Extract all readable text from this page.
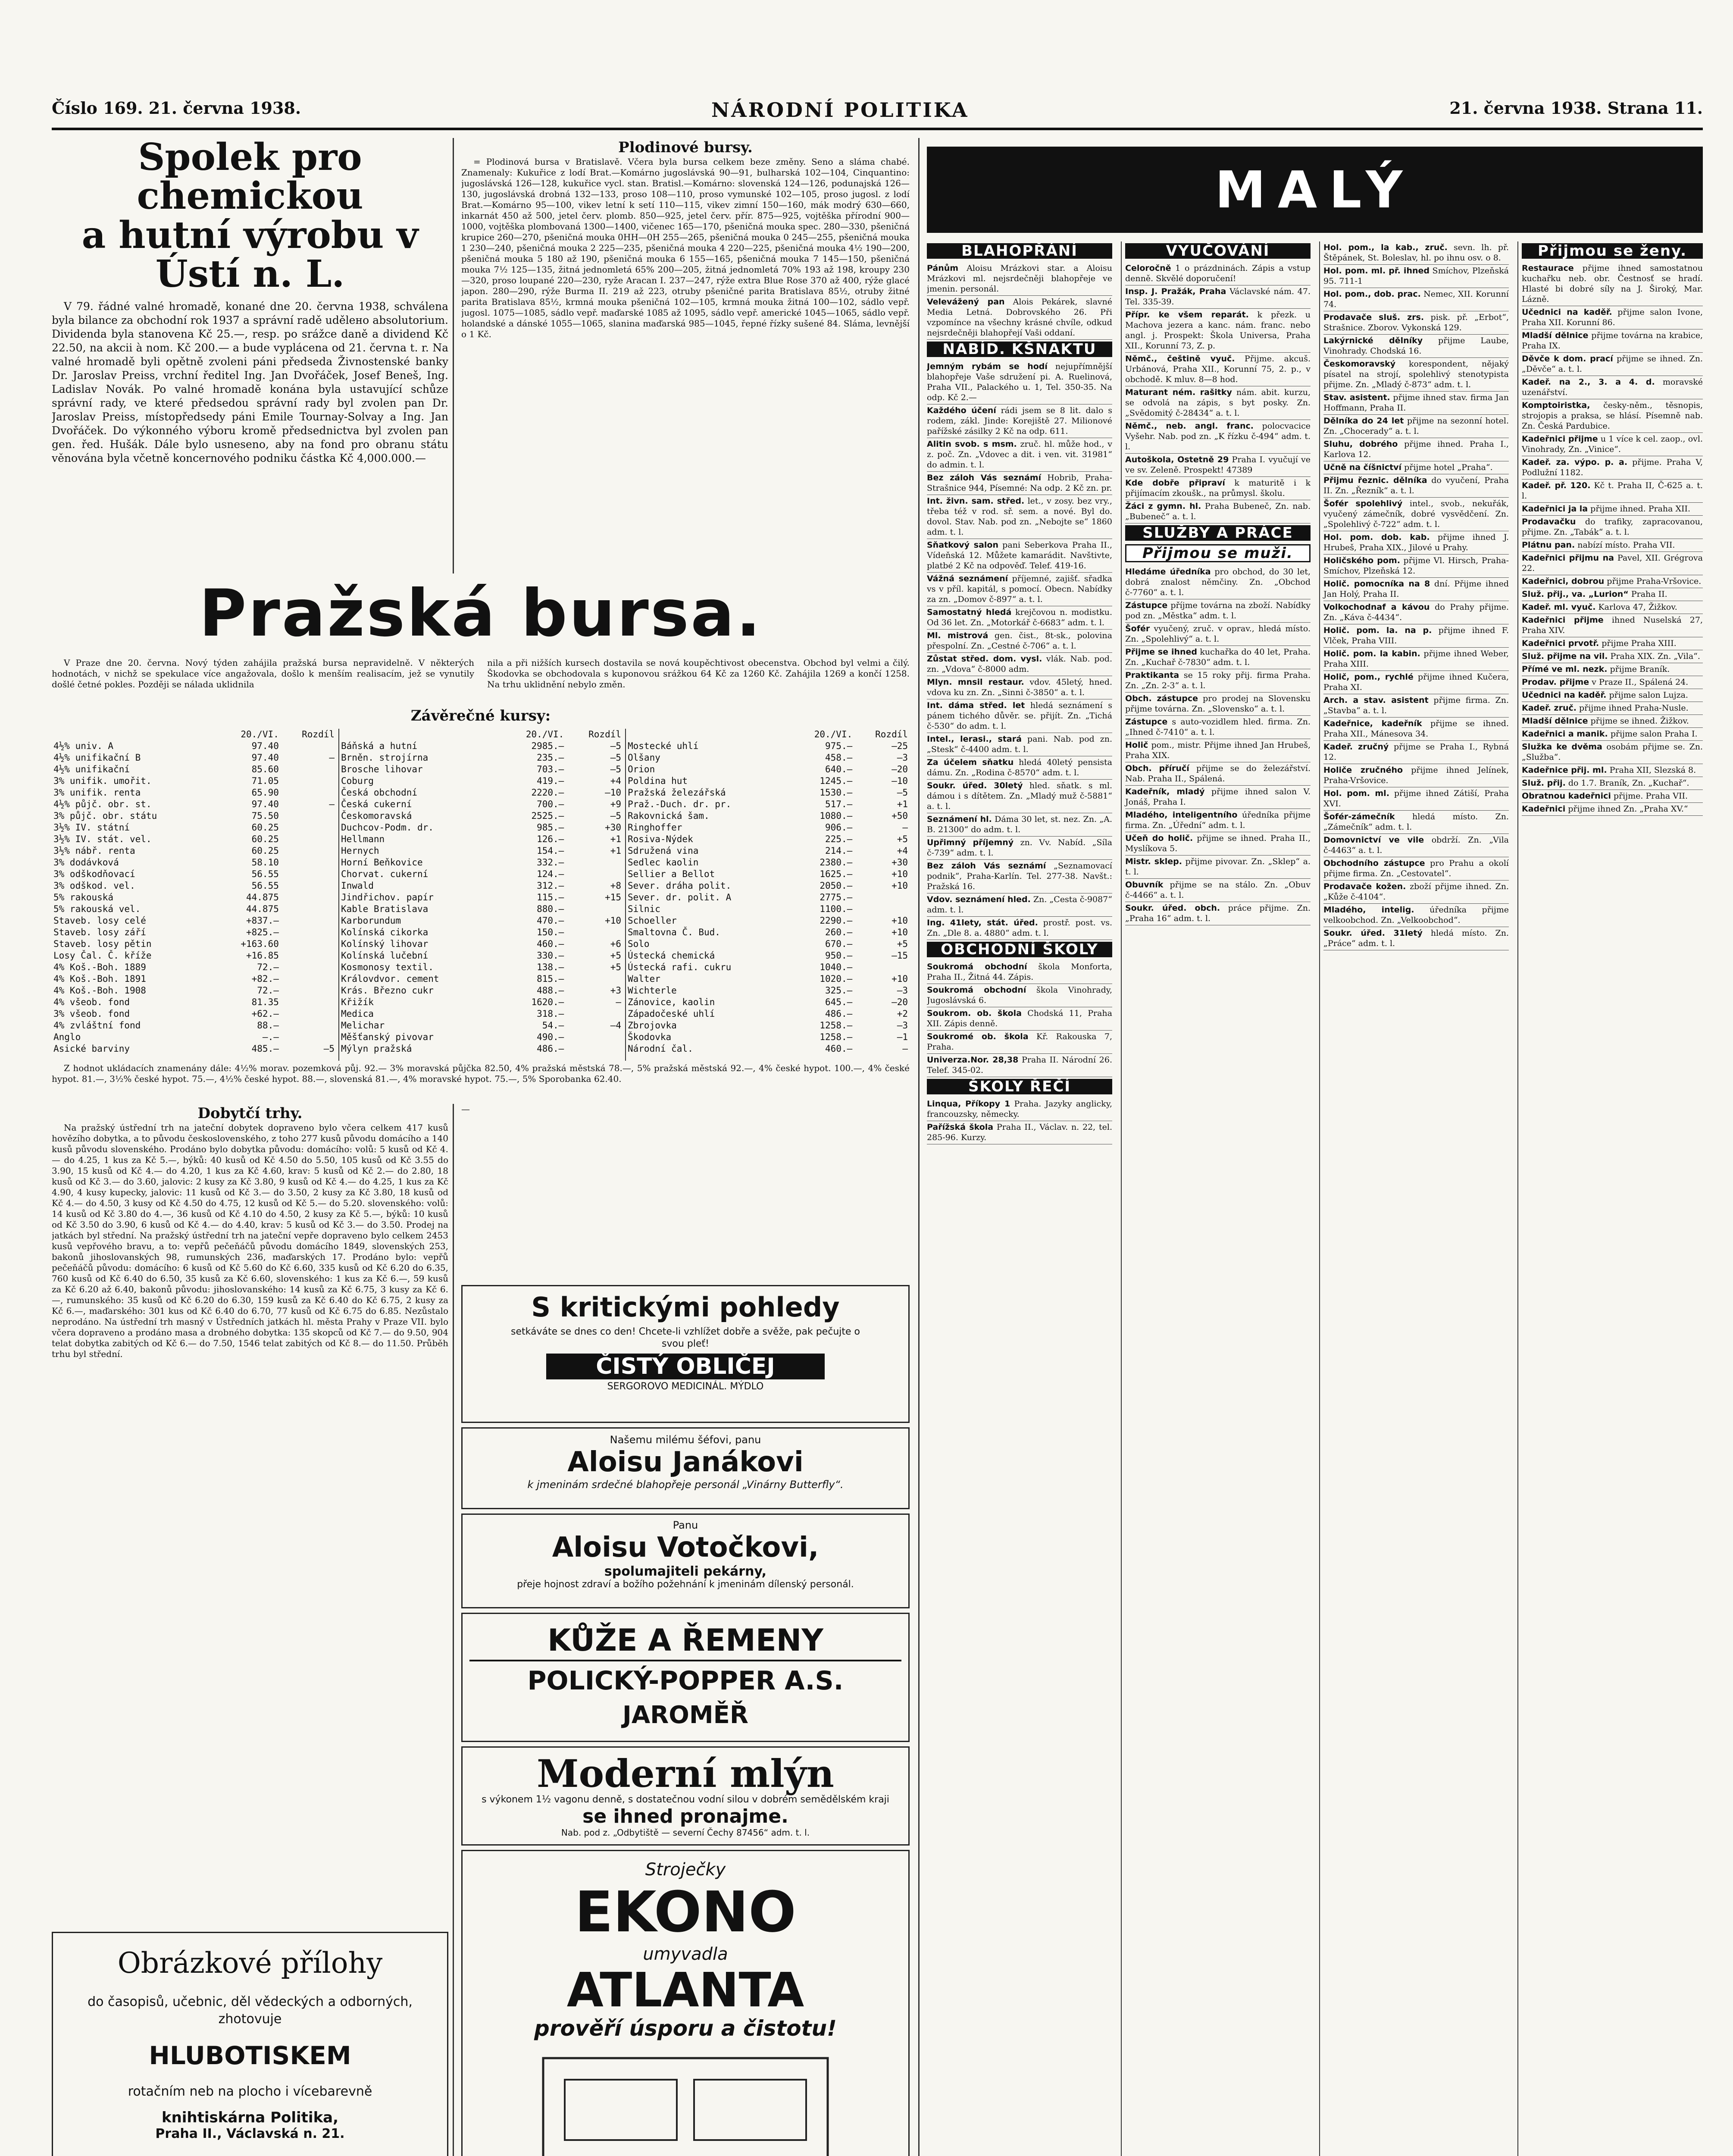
Číslo 169. 21. června 1938.	NÁRODNÍ POLITIKA	21. června 1938. Strana 11.
Spolek pro chemickou
a hutní výrobu v Ústí n. L.

V 79. řádné valné hromadě, konané dne 20. června 1938, schválena byla bilance za obchodní rok 1937 a správní radě udělено absolutorium. Dividenda byla stanovena Kč 25.—, resp. po srážce daně a dividend Kč 22.50, na akcii à nom. Kč 200.— a bude vyplácena od 21. června t. r. Na valné hromadě byli opětně zvoleni páni předseda Živnostenské banky Dr. Jaroslav Preiss, vrchní ředitel Ing. Jan Dvořáček, Josef Beneš, Ing. Ladislav Novák. Po valné hromadě konána byla ustavující schůze správní rady, ve které předsedou správní rady byl zvolen pan Dr. Jaroslav Preiss, místopředsedy páni Emile Tournay-Solvay a Ing. Jan Dvořáček. Do výkonného výboru kromě předsednictva byl zvolen pan gen. řed. Hušák. Dále bylo usneseno, aby na fond pro obranu státu věnována byla včetně koncernového podniku částka Kč 4,000.000.—

Plodinové bursy.

= Plodinová bursa v Bratislavě. Včera byla bursa celkem beze změny. Seno a sláma chabé. Znamenaly: Kukuřice z lodí Brat.—Komárno jugoslávská 90—91, bulharská 102—104, Cinquantino: jugoslávská 126—128, kukuřice vycl. stan. Bratisl.—Komárno: slovenská 124—126, podunajská 126—130, jugoslávská drobná 132—133, proso 108—110, proso vymunské 102—105, proso jugosl. z lodí Brat.—Komárno 95—100, vikev letní k setí 110—115, vikev zimní 150—160, mák modrý 630—660, inkarnát 450 až 500, jetel červ. plomb. 850—925, jetel červ. přír. 875—925, vojtěška přírodní 900—1000, vojtěška plombovaná 1300—1400, vičenec 165—170, pšeničná mouka spec. 280—330, pšeničná krupice 260—270, pšeničná mouka 0HH—0H 255—265, pšeničná mouka 0 245—255, pšeničná mouka 1 230—240, pšeničná mouka 2 225—235, pšeničná mouka 4 220—225, pšeničná mouka 4½ 190—200, pšeničná mouka 5 180 až 190, pšeničná mouka 6 155—165, pšeničná mouka 7 145—150, pšeničná mouka 7½ 125—135, žitná jednomletá 65% 200—205, žitná jednomletá 70% 193 až 198, kroupy 230—320, proso loupané 220—230, ryže Aracan I. 237—247, rýže extra Blue Rose 370 až 400, rýže glacé japon. 280—290, rýže Burma II. 219 až 223, otruby pšeničné parita Bratislava 85½, otruby žitné parita Bratislava 85½, krmná mouka pšeničná 102—105, krmná mouka žitná 100—102, sádlo vepř. jugosl. 1075—1085, sádlo vepř. maďarské 1085 až 1095, sádlo vepř. americké 1045—1065, sádlo vepř. holandské a dánské 1055—1065, slanina maďarská 985—1045, řepné řízky sušené 84. Sláma, levnější o 1 Kč.

Pražská bursa.

V Praze dne 20. června. Nový týden zahájila pražská bursa nepravidelně. V některých hodnotách, v nichž se spekulace více angažovala, došlo k menším realisacím, jež se vynutily došlé četné pokles. Později se nálada uklidnila

nila a při nižších kursech dostavila se nová koupěchtivost obecenstva. Obchod byl velmi a čilý. Škodovka se obchodovala s kuponovou srážkou 64 Kč za 1260 Kč. Zahájila 1269 a končí 1258. Na trhu uklidnění nebylo změn.

Závěrečné kursy:
	20./VI.	Rozdíl
4½% univ. A	97.40	
4½% unifikační B	97.40	—
4½% unifikační	85.60	
3% unifik. umořit.	71.05	
3% unifik. renta	65.90	
4½% půjč. obr. st.	97.40	—
3% půjč. obr. státu	75.50	
3½% IV. státní	60.25	
3½% IV. stát. vel.	60.25	
3½% nábř. renta	60.25	
3% dodávková	58.10	
3% odškodňovací	56.55	
3% odškod. vel.	56.55	
5% rakouská	44.875	
5% rakouská vel.	44.875	
Staveb. losy celé	+837.—	
Staveb. losy září	+825.—	
Staveb. losy pětin	+163.60	
Losy Čal. Č. kříže	+16.85	
4% Koš.-Boh. 1889	72.—	
4% Koš.-Boh. 1891	+82.—	
4% Koš.-Boh. 1908	72.—	
4% všeob. fond	81.35	
3% všeob. fond	+62.—	
4% zvláštní fond	88.—	
Anglo	—.—	
Asické barviny	485.—	—5
	20./VI.	Rozdíl
Báňská a hutní	2985.—	—5
Brněn. strojírna	235.—	—5
Brosche lihovar	703.—	—5
Coburg	419.—	+4
Česká obchodní	2220.—	—10
Česká cukerní	700.—	+9
Českomoravská	2525.—	—5
Duchcov-Podm. dr.	985.—	+30
Hellmann	126.—	+1
Hernych	154.—	+1
Horní Beňkovice	332.—	
Chorvat. cukerní	124.—	
Inwald	312.—	+8
Jindřichov. papír	115.—	+15
Kable Bratislava	880.—	
Karborundum	470.—	+10
Kolínská cikorka	150.—	
Kolínský lihovar	460.—	+6
Kolínská lučební	330.—	+5
Kosmonosy textil.	138.—	+5
Královdvor. cement	815.—	
Krás. Březno cukr	488.—	+3
Křižík	1620.—	—
Medica	318.—	
Melichar	54.—	—4
Měšťanský pivovar	490.—	
Mýlyn pražská	486.—	
	20./VI.	Rozdíl
Mostecké uhlí	975.—	—25
Olšany	458.—	—3
Orion	640.—	—20
Poldina hut	1245.—	—10
Pražská železářská	1530.—	—5
Praž.-Duch. dr. pr.	517.—	+1
Rakovnická šam.	1080.—	+50
Ringhoffer	906.—	—
Rosiva-Nýdek	225.—	+5
Sdružená vina	214.—	+4
Sedlec kaolin	2380.—	+30
Sellier a Bellot	1625.—	+10
Sever. dráha polit.	2050.—	+10
Sever. dr. polit. A	2775.—	
Silnic	1100.—	
Schoeller	2290.—	+10
Smaltovna Č. Bud.	260.—	+10
Solo	670.—	+5
Ústecká chemická	950.—	—15
Ústecká rafi. cukru	1040.—	
Walter	1020.—	+10
Wichterle	325.—	—3
Zánovice, kaolin	645.—	—20
Západočeské uhlí	486.—	+2
Zbrojovka	1258.—	—3
Škodovka	1258.—	—1
Národní čal.	460.—	—

Z hodnot ukládacích znamenány dále: 4½% morav. pozemková půj. 92.— 3% moravská půjčka 82.50, 4% pražská městská 78.—, 5% pražská městská 92.—, 4% české hypot. 100.—, 4% české hypot. 81.—, 3½% české hypot. 75.—, 4½% české hypot. 88.—, slovenská 81.—, 4% moravské hypot. 75.—, 5% Sporobanka 62.40.

Dobytčí trhy.

Na pražský ústřední trh na jateční dobytek dopraveno bylo včera celkem 417 kusů hovězího dobytka, a to původu československého, z toho 277 kusů původu domácího a 140 kusů původu slovenského. Prodáno bylo dobytka původu: domácího: volů: 5 kusů od Kč 4.— do 4.25, 1 kus za Kč 5.—, býků: 40 kusů od Kč 4.50 do 5.50, 105 kusů od Kč 3.55 do 3.90, 15 kusů od Kč 4.— do 4.20, 1 kus za Kč 4.60, krav: 5 kusů od Kč 2.— do 2.80, 18 kusů od Kč 3.— do 3.60, jalovic: 2 kusy za Kč 3.80, 9 kusů od Kč 4.— do 4.25, 1 kus za Kč 4.90, 4 kusy kupecky, jalovic: 11 kusů od Kč 3.— do 3.50, 2 kusy za Kč 3.80, 18 kusů od Kč 4.— do 4.50, 3 kusy od Kč 4.50 do 4.75, 12 kusů od Kč 5.— do 5.20. slovenského: volů: 14 kusů od Kč 3.80 do 4.—, 36 kusů od Kč 4.10 do 4.50, 2 kusy za Kč 5.—, býků: 10 kusů od Kč 3.50 do 3.90, 6 kusů od Kč 4.— do 4.40, krav: 5 kusů od Kč 3.— do 3.50. Prodej na jatkách byl střední. Na pražský ústřední trh na jateční vepře dopraveno bylo celkem 2453 kusů vepřového bravu, a to: vepřů pečeňáčů původu domácího 1849, slovenských 253, bakonů jihoslovanských 98, rumunských 236, maďarských 17. Prodáno bylo: vepřů pečeňáčů původu: domácího: 6 kusů od Kč 5.60 do Kč 6.60, 335 kusů od Kč 6.20 do 6.35, 760 kusů od Kč 6.40 do 6.50, 35 kusů za Kč 6.60, slovenského: 1 kus za Kč 6.—, 59 kusů za Kč 6.20 až 6.40, bakonů původu: jihoslovanského: 14 kusů za Kč 6.75, 3 kusy za Kč 6.—, rumunského: 35 kusů od Kč 6.20 do 6.30, 159 kusů za Kč 6.40 do Kč 6.75, 2 kusy za Kč 6.—, maďarského: 301 kus od Kč 6.40 do 6.70, 77 kusů od Kč 6.75 do 6.85. Nezůstalo neprodáno. Na ústřední trh masný v Ústředních jatkách hl. města Prahy v Praze VII. bylo včera dopraveno a prodáno masa a drobného dobytka: 135 skopců od Kč 7.— do 9.50, 904 telat dobytka zabitých od Kč 6.— do 7.50, 1546 telat zabitých od Kč 8.— do 11.50. Průběh trhu byl střední.

Obrázkové přílohy
do časopisů, učebnic, děl vědeckých a odborných, zhotovuje
HLUBOTISKEM
rotačním neb na plocho i vícebarevně
knihtiskárna Politika,
Praha II., Václavská n. 21.
Stroječky
EKONO
umyvadla
ATLANTA
prověří úsporu a čistotu!
S kritickými pohledy
setkáváte se dnes co den! Chcete-li vzhlížet dobře a svěže, pak pečujte o svou pleť!
ČISTÝ OBLIČEJ
SERGOROVO MEDICINÁL. MÝDLO
Našemu milému šéfovi, panu
Aloisu Janákovi
k jmeninám srdečné blahopřeje personál „Vinárny Butterfly“.
Panu
Aloisu Votočkovi,
spolumajiteli pekárny,
přeje hojnost zdraví a božího požehnání k jmeninám dílenský personál.
KŮŽE A ŘEMENY
POLICKÝ-POPPER A.S.
JAROMĚŘ
Moderní mlýn
s výkonem 1½ vagonu denně, s dostatečnou vodní silou v dobrém semědělském kraji
se ihned pronajme.
Nab. pod z. „Odbytiště — severní Čechy 87456“ adm. t. l.

—

MALÝ
BLAHOPŘÁNÍ
Pánům Aloisu Mrázkovi star. a Aloisu Mrázkovi ml. nejsrdečněji blahopřeje ve jmenin. personál.
Velevážený pan Alois Pekárek, slavné Media Letná. Dobrovského 26. Při vzpomínce na všechny krásné chvíle, odkud nejsrdečněji blahopřejí Vaši oddaní.
NABÍD. KŠNAKTU
Jemným rybám se hodí nejupřímnější blahopřeje Vaše sdružení pi. A. Ruelinová, Praha VII., Palackého u. 1, Tel. 350-35. Na odp. Kč 2.—
Každého účení rádi jsem se 8 lit. dalo s rodem, zákl. Jinde: Korejiště 27. Milionové pařížské zásilky 2 Kč na odp. 611.
Alitin svob. s msm. zruč. hl. může hod., v z. poč. Zn. „Vdovec a dit. i ven. vit. 31981“ do admin. t. l.
Bez záloh Vás seznámí Hobrib, Praha-Strašnice 944, Písemné: Na odp. 2 Kč zn. pr.
Int. živn. sam. střed. let., v zosy. bez vry., třeba též v rod. sř. sem. a nové. Byl do. dovol. Stav. Nab. pod zn. „Nebojte se“ 1860 adm. t. l.
Sňatkový salon pani Seberkova Praha II., Vídeňská 12. Můžete kamarádit. Navštivte, platbé 2 Kč na odpověď. Telef. 419-16.
Vážná seznámení příjemné, zajišť. sřadka vs v příl. kapitál, s pomocí. Obecn. Nabídky za zn. „Domov č-897“ a. t. l.
Samostatný hledá krejčovou n. modistku. Od 36 let. Zn. „Motorkář č-6683“ adm. t. l.
Ml. mistrová gen. čist., 8t-sk., polovina přespolní. Zn. „Cestné č-706“ a. t. l.
Zůstat střed. dom. vysl. vlák. Nab. pod. zn. „Vdova“ č-8000 adm.
Mlyn. mnsil restaur. vdov. 45letý, hned. vdova ku zn. Zn. „Sinni č-3850“ a. t. l.
Int. dáma střed. let hledá seznámení s pánem tichého důvěr. se. přijít. Zn. „Tichá č-530“ do adm. t. l.
Intel., lerasi., stará pani. Nab. pod zn. „Stesk“ č-4400 adm. t. l.
Za účelem sňatku hledá 40letý pensista dámu. Zn. „Rodina č-8570“ adm. t. l.
Soukr. úřed. 30letý hled. sňatk. s ml. dámou i s dítětem. Zn. „Mladý muž č-5881“ a. t. l.
Seznámení hl. Dáma 30 let, st. nez. Zn. „A. B. 21300“ do adm. t. l.
Upřimný příjemný zn. Vv. Nabíd. „Síla č-739“ adm. t. l.
Bez záloh Vás seznámí „Seznamovací podnik“, Praha-Karlín. Tel. 277-38. Navšt.: Pražská 16.
Vdov. seznámení hled. Zn. „Cesta č-9087“ adm. t. l.
Ing. 41lety, stát. úřed. prostř. post. vs. Zn. „Dle 8. a. 4880“ adm. t. l.
OBCHODNÍ ŠKOLY
Soukromá obchodní škola Monforta, Praha II., Žitná 44. Zápis.
Soukromá obchodní škola Vinohrady, Jugoslávská 6.
Soukrom. ob. škola Chodská 11, Praha XII. Zápis denně.
Soukromé ob. škola Kř. Rakouska 7, Praha.
Univerza.Nor. 28,38 Praha II. Národní 26. Telef. 345-02.
ŠKOLY ŘEČÍ
Linqua, Příkopy 1 Praha. Jazyky anglicky, francouzsky, německy.
Pařížská škola Praha II., Václav. n. 22, tel. 285-96. Kurzy.
VYUČOVÁNÍ
Celoročně 1 o prázdninách. Zápis a vstup denně. Skvělé doporučení!
Insp. J. Pražák, Praha Václavské nám. 47. Tel. 335-39.
Přípr. ke všem reparát. k přezk. u Machova jezera a kanc. nám. franc. nebo angl. j. Prospekt: Škola Universa, Praha XII., Korunní 73, Z. p.
Němč., češtině vyuč. Přijme. akcuš. Urbánová, Praha XII., Korunní 75, 2. p., v obchodě. K mluv. 8—8 hod.
Maturant ném. rašitky nám. abit. kurzu, se odvolá na zápis, s byt posky. Zn. „Svědomitý č-28434“ a. t. l.
Němč., neb. angl. franc. polocvacice Vyšehr. Nab. pod zn. „K řízku č-494“ adm. t. l.
Autoškola, Ostetně 29 Praha I. vyučují ve ve sv. Zeleně. Prospekt! 47389
Kde dobře připraví k maturitě i k přijímacím zkoušk., na průmysl. školu.
Žáci z gymn. hl. Praha Bubeneč, Zn. nab. „Bubeneč“ a. t. l.
SLUŽBY A PRÁCE
Přijmou se muži.
Hledáme úředníka pro obchod, do 30 let, dobrá znalost němčiny. Zn. „Obchod č-7760“ a. t. l.
Zástupce příjme továrna na zboží. Nabídky pod zn. „Městka“ adm. t. l.
Šofér vyučený, zruč. v oprav., hledá místo. Zn. „Spolehlivý“ a. t. l.
Přijme se ihned kuchařka do 40 let, Praha. Zn. „Kuchař č-7830“ adm. t. l.
Praktikanta se 15 roky přij. firma Praha. Zn. „Zn. 2-3“ a. t. l.
Obch. zástupce pro prodej na Slovensku přijme továrna. Zn. „Slovensko“ a. t. l.
Zástupce s auto-vozidlem hled. firma. Zn. „Ihned č-7410“ a. t. l.
Holič pom., mistr. Přijme ihned Jan Hrubeš, Praha XIX.
Obch. příručí přijme se do železářství. Nab. Praha II., Spálená.
Kadeřník, mladý přijme ihned salon V. Jonáš, Praha I.
Mladého, inteligentního úředníka přijme firma. Zn. „Úřední“ adm. t. l.
Učeň do holič. přijme se ihned. Praha II., Myslíkova 5.
Mistr. sklep. přijme pivovar. Zn. „Sklep“ a. t. l.
Obuvník přijme se na stálo. Zn. „Obuv č-4466“ a. t. l.
Soukr. úřed. obch. práce přijme. Zn. „Praha 16“ adm. t. l.
Hol. pom., la kab., zruč. sevn. lh. př. Štěpánek, St. Boleslav, hl. po ihnu osv. o 8.
Hol. pom. ml. př. ihned Smíchov, Plzeňská 95. 711-1
Hol. pom., dob. prac. Nemec, XII. Korunní 74.
Prodavače sluš. zrs. pisk. př. „Erbot“, Strašnice. Zborov. Vykonská 129.
Lakýrnické dělníky přijme Laube, Vinohrady. Chodská 16.
Českomoravský korespondent, nějaký písatel na strojí, spolehlivý stenotypista přijme. Zn. „Mladý č-873“ adm. t. l.
Stav. asistent. přijme ihned stav. firma Jan Hoffmann, Praha II.
Dělníka do 24 let přijme na sezonní hotel. Zn. „Chocerady“ a. t. l.
Sluhu, dobrého přijme ihned. Praha I., Karlova 12.
Učně na číšnictví přijme hotel „Praha“.
Přijmu řeznic. dělníka do vyučení, Praha II. Zn. „Řezník“ a. t. l.
Šofér spolehlivý intel., svob., nekuřák, vyučený zámečník, dobré vysvědčení. Zn. „Spolehlivý č-722“ adm. t. l.
Hol. pom. dob. kab. přijme ihned J. Hrubeš, Praha XIX., Jilové u Prahy.
Holičského pom. přijme Vl. Hirsch, Praha-Smíchov, Plzeňská 12.
Holič. pomocníka na 8 dní. Přijme ihned Jan Holý, Praha II.
Volkochodnaf a kávou do Prahy přijme. Zn. „Káva č-4434“.
Holič. pom. la. na p. přijme ihned F. Vlček, Praha VIII.
Holič. pom. la kabin. přijme ihned Weber, Praha XIII.
Holič, pom., rychlé přijme ihned Kučera, Praha XI.
Arch. a stav. asistent přijme firma. Zn. „Stavba“ a. t. l.
Kadeřnice, kadeřník přijme se ihned. Praha XII., Mánesova 34.
Kadeř. zručný přijme se Praha I., Rybná 12.
Holiče zručného přijme ihned Jelínek, Praha-Vršovice.
Hol. pom. ml. přijme ihned Zátiší, Praha XVI.
Šofér-zámečník hledá místo. Zn. „Zámečník“ adm. t. l.
Domovnictví ve vile obdrží. Zn. „Vila č-4463“ a. t. l.
Obchodního zástupce pro Prahu a okolí přijme firma. Zn. „Cestovatel“.
Prodavače kožen. zboží přijme ihned. Zn. „Kůže č-4104“.
Mladého, intelig. úředníka přijme velkoobchod. Zn. „Velkoobchod“.
Soukr. úřed. 31letý hledá místo. Zn. „Práce“ adm. t. l.
Přijmou se ženy.
Restaurace přijme ihned samostatnou kuchařku neb. obr. Čestnosť se hradí. Hlasté bi dobré síly na J. Široký, Mar. Lázně.
Učednici na kaděř. přijme salon Ivone, Praha XII. Korunní 86.
Mladší dělnice přijme továrna na krabice, Praha IX.
Děvče k dom. prací přijme se ihned. Zn. „Děvče“ a. t. l.
Kadeř. na 2., 3. a 4. d. moravské uzenářství.
Komptoiristka, česky-něm., těsnopis, strojopis a praksa, se hlásí. Písemně nab. Zn. Česká Pardubice.
Kadeřnici přijme u 1 více k cel. zaop., ovl. Vinohrady, Zn. „Vinice“.
Kadeř. za. výpo. p. a. přijme. Praha V, Podlužní 1182.
Kadeř. př. 120. Kč t. Praha II, Č-625 a. t. l.
Kadeřnici ja la přijme ihned. Praha XII.
Prodavačku do trafiky, zapracovanou, přijme. Zn. „Tabák“ a. t. l.
Plátnu pan. nabízí místo. Praha VII.
Kadeřnici přijmu na Pavel, XII. Grégrova 22.
Kadeřnici, dobrou přijme Praha-Vršovice.
Služ. přij., va. „Lurion“ Praha II.
Kadeř. ml. vyuč. Karlova 47, Žižkov.
Kadeřnici přijme ihned Nuselská 27, Praha XIV.
Kadeřnici prvotř. přijme Praha XIII.
Služ. přijme na vil. Praha XIX. Zn. „Vila“.
Přímé ve ml. nezk. přijme Braník.
Prodav. přijme v Praze II., Spálená 24.
Učednici na kaděř. přijme salon Lujza.
Kadeř. zruč. přijme ihned Praha-Nusle.
Mladší dělnice přijme se ihned. Žižkov.
Kadeřnici a manik. přijme salon Praha I.
Služka ke dvěma osobám přijme se. Zn. „Služba“.
Kadeřnice přij. ml. Praha XII, Slezská 8.
Služ. přij. do 1.7. Braník, Zn. „Kuchař“.
Obratnou kadeřnici přijme. Praha VII.
Kadeřnici přijme ihned Zn. „Praha XV.“
